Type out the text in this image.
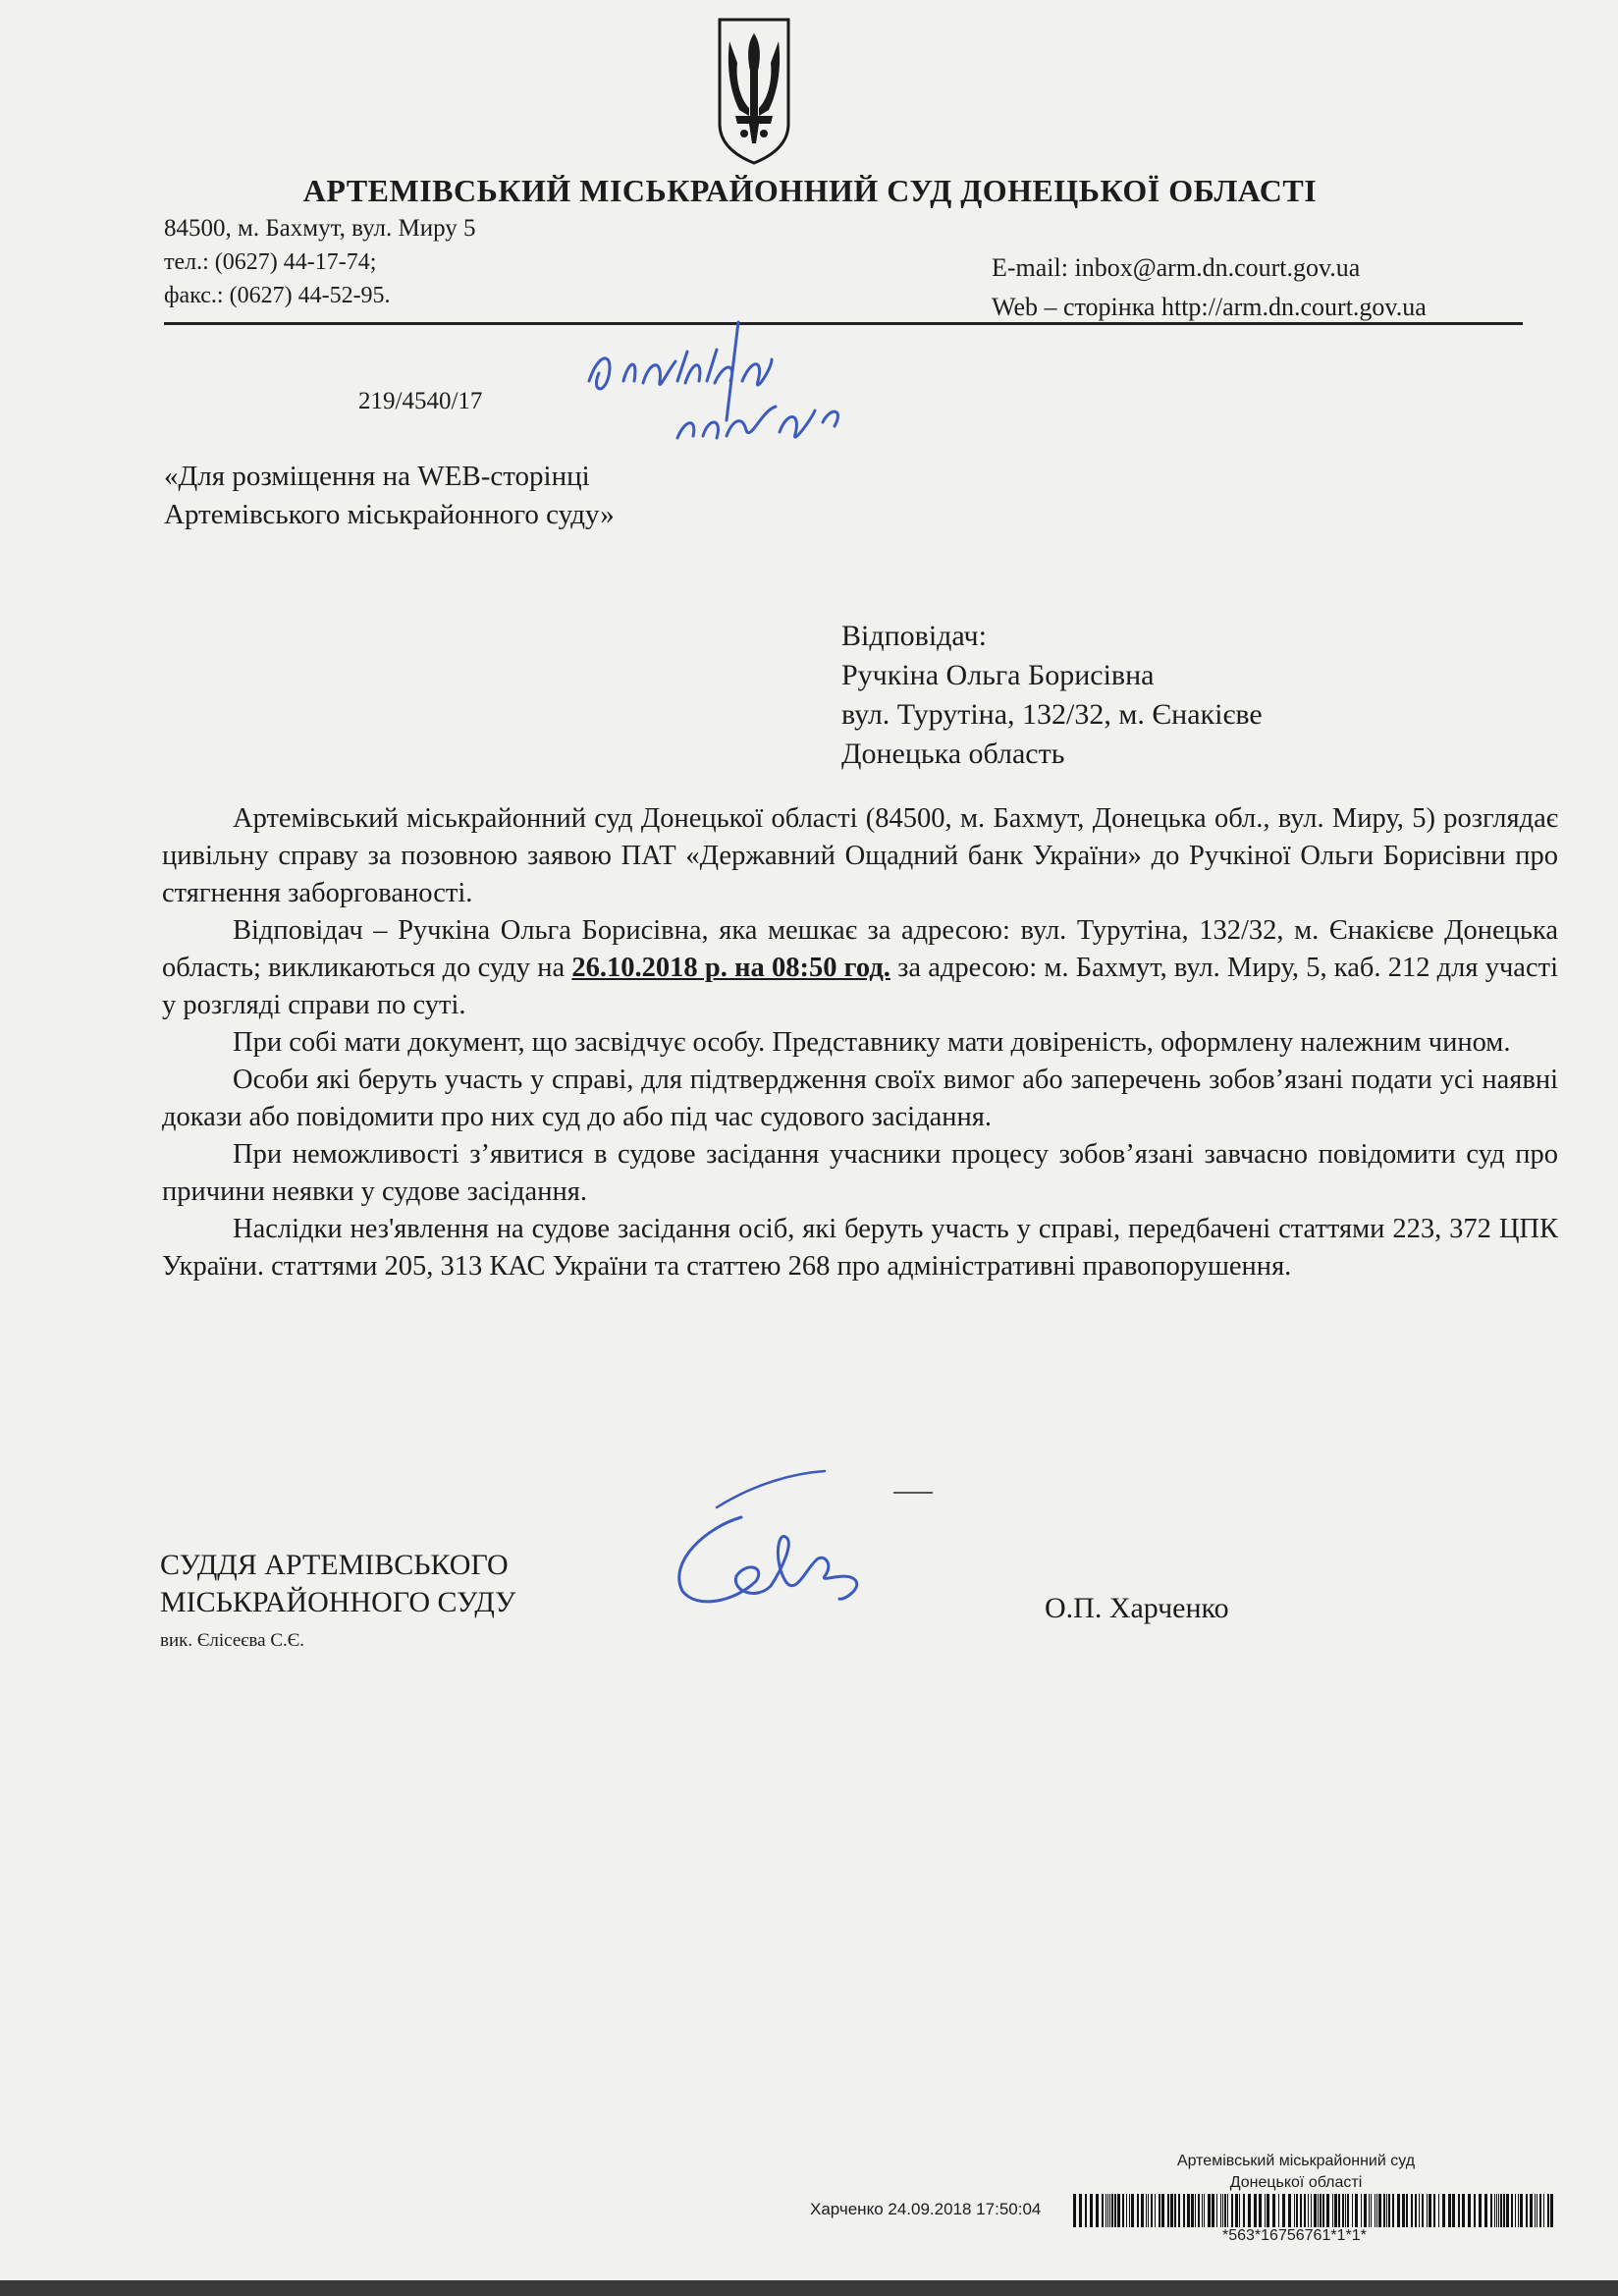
АРТЕМІВСЬКИЙ МІСЬКРАЙОННИЙ СУД ДОНЕЦЬКОЇ ОБЛАСТІ
84500, м. Бахмут, вул. Миру 5
тел.: (0627) 44-17-74;
факс.: (0627) 44-52-95.
E-mail: inbox@arm.dn.court.gov.ua
Web – сторінка http://arm.dn.court.gov.ua
219/4540/17
«Для розміщення на WEB-сторінці
Артемівського міськрайонного суду»
Відповідач:
Ручкіна Ольга Борисівна
вул. Турутіна, 132/32, м. Єнакієве
Донецька область

Артемівський міськрайонний суд Донецької області (84500, м. Бахмут, Донецька обл., вул. Миру, 5) розглядає цивільну справу за позовною заявою ПАТ «Державний Ощадний банк України» до Ручкіної Ольги Борисівни про стягнення заборгованості.

Відповідач – Ручкіна Ольга Борисівна, яка мешкає за адресою: вул. Турутіна, 132/32, м. Єнакієве Донецька область; викликаються до суду на 26.10.2018 р. на 08:50 год. за адресою: м. Бахмут, вул. Миру, 5, каб. 212 для участі у розгляді справи по суті.

При собі мати документ, що засвідчує особу. Представнику мати довіреність, оформлену належним чином.

Особи які беруть участь у справі, для підтвердження своїх вимог або заперечень зобов’язані подати усі наявні докази або повідомити про них суд до або під час судового засідання.

При неможливості з’явитися в судове засідання учасники процесу зобов’язані завчасно повідомити суд про причини неявки у судове засідання.

Наслідки нез'явлення на судове засідання осіб, які беруть участь у справі, передбачені статтями 223, 372 ЦПК України. статтями 205, 313 КАС України та статтею 268 про адміністративні правопорушення.

СУДДЯ АРТЕМІВСЬКОГО
МІСЬКРАЙОННОГО СУДУ
вик. Єлісеєва С.Є.
О.П. Харченко
Артемівський міськрайонний суд
Донецької області
Харченко 24.09.2018 17:50:04
*563*16756761*1*1*
